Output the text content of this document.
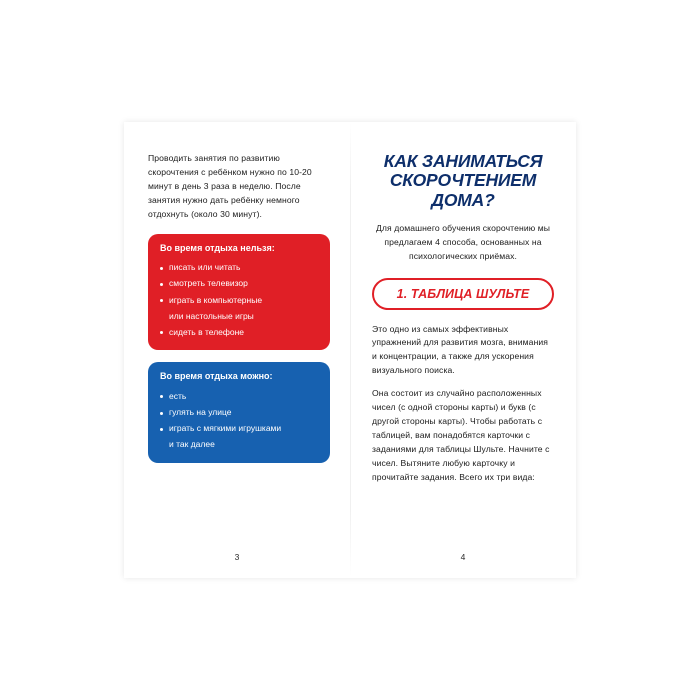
Проводить занятия по развитию скорочтения с ребёнком нужно по 10-20 минут в день 3 раза в неделю. После занятия нужно дать ребёнку немного отдохнуть (около 30 минут).

Во время отдыха нельзя:

писать или читать
смотреть телевизор
играть в компьютерные
или настольные игры
сидеть в телефоне

Во время отдыха можно:

есть
гулять на улице
играть с мягкими игрушками
и так далее
3
КАК ЗАНИМАТЬСЯ
СКОРОЧТЕНИЕМ ДОМА?

Для домашнего обучения скорочтению мы предлагаем 4 способа, основанных на психологических приёмах.

1. ТАБЛИЦА ШУЛЬТЕ

Это одно из самых эффективных упражнений для развития мозга, внимания и концентрации, а также для ускорения визуального поиска.

Она состоит из случайно расположенных чисел (с одной стороны карты) и букв (с другой стороны карты). Чтобы работать с таблицей, вам понадобятся карточки с заданиями для таблицы Шульте. Начните с чисел. Вытяните любую карточку и прочитайте задания. Всего их три вида:

4
